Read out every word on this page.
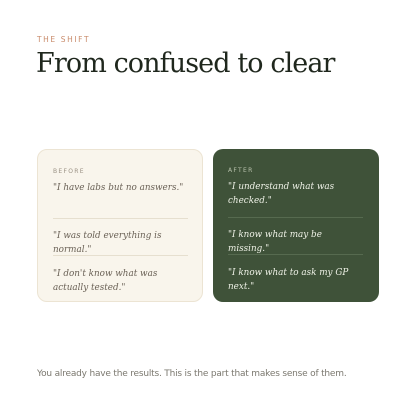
THE SHIFT
From confused to clear
BEFORE
"I have labs but no answers."
"I was told everything is normal."
"I don't know what was actually tested."
AFTER
"I understand what was checked."
"I know what may be missing."
"I know what to ask my GP next."

You already have the results. This is the part that makes sense of them.
